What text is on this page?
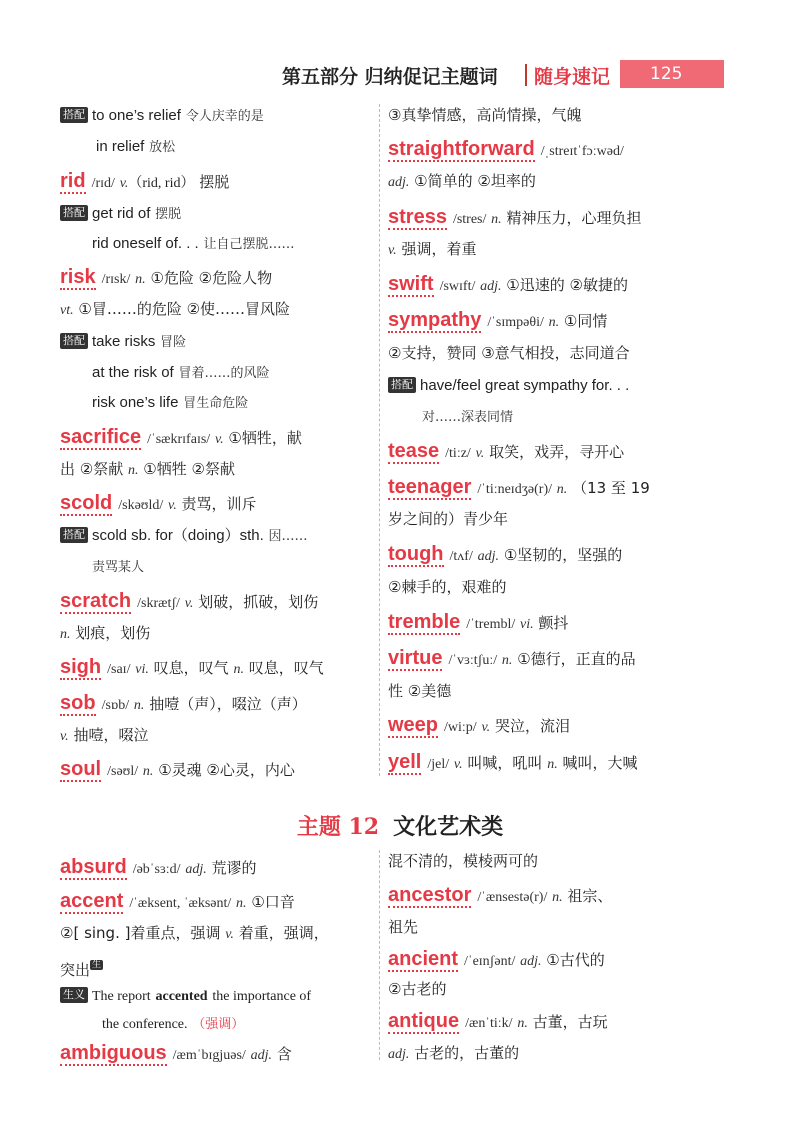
第五部分 归纳促记主题词 随身速记 125
搭配 to one’s relief 令人庆幸的是
in relief 放松
rid /rɪd/ v.（rid, rid） 摆脱
搭配 get rid of 摆脱
rid oneself of. . . 让自己摆脱……
risk /rɪsk/ n. ①危险 ②危险人物
vt. ①冒……的危险 ②使……冒风险
搭配 take risks 冒险
at the risk of 冒着……的风险
risk one’s life 冒生命危险
sacrifice /ˈsækrɪfaɪs/ v. ①牺牲，献
出 ②祭献 n. ①牺牲 ②祭献
scold /skəʊld/ v. 责骂，训斥
搭配 scold sb. for（doing）sth. 因……
责骂某人
scratch /skrætʃ/ v. 划破，抓破，划伤
n. 划痕，划伤
sigh /saɪ/ vi. 叹息，叹气 n. 叹息，叹气
sob /sɒb/ n. 抽噎（声），啜泣（声）
v. 抽噎，啜泣
soul /səʊl/ n. ①灵魂 ②心灵，内心
③真挚情感，高尚情操，气魄
straightforward /ˌstreɪtˈfɔːwəd/
adj. ①简单的 ②坦率的
stress /stres/ n. 精神压力，心理负担
v. 强调，着重
swift /swɪft/ adj. ①迅速的 ②敏捷的
sympathy /ˈsɪmpəθi/ n. ①同情
②支持，赞同 ③意气相投，志同道合
搭配 have/feel great sympathy for. . .
对……深表同情
tease /tiːz/ v. 取笑，戏弄，寻开心
teenager /ˈtiːneɪdʒə(r)/ n. （13 至 19
岁之间的）青少年
tough /tʌf/ adj. ①坚韧的，坚强的
②棘手的，艰难的
tremble /ˈtrembl/ vi. 颤抖
virtue /ˈvɜːtʃuː/ n. ①德行，正直的品
性 ②美德
weep /wiːp/ v. 哭泣，流泪
yell /jel/ v. 叫喊，吼叫 n. 喊叫，大喊
主题 12 文化艺术类
absurd /əbˈsɜːd/ adj. 荒谬的
accent /ˈæksent, ˈæksənt/ n. ①口音
②[ sing. ]着重点，强调 v. 着重，强调，
突出 $^生$
生义 The report accented the importance of
the conference. （强调）
ambiguous /æmˈbɪgjuəs/ adj. 含
混不清的，模棱两可的
ancestor /ˈænsestə(r)/ n. 祖宗、
祖先
ancient /ˈeɪnʃənt/ adj. ①古代的
②古老的
antique /ænˈtiːk/ n. 古董，古玩
adj. 古老的，古董的
